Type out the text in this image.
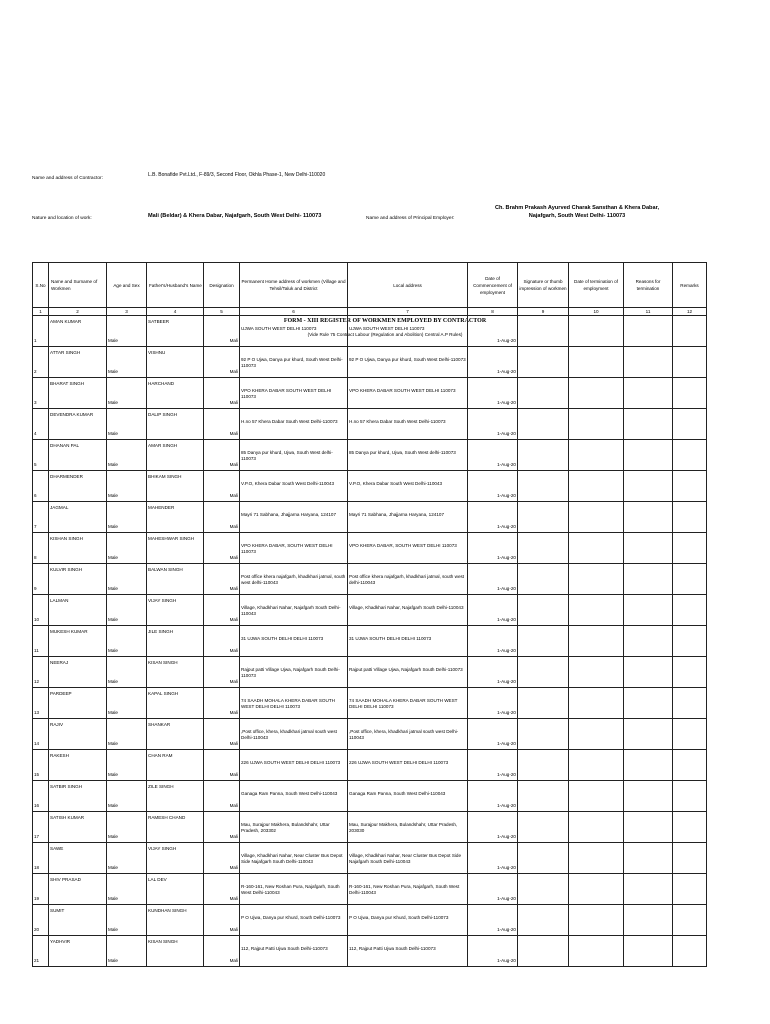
FORM - XIII REGISTER OF WORKMEN EMPLOYED BY CONTRACTOR
(Vide Rule 75 Contract Labour (Regulation and Abolition) Central A.P Rules)
Name and address of Contractor:
L.B. Bonafide Pvt.Ltd., F-89/3, Second Floor, Okhla Phase-1, New Delhi-110020
Nature and location of work:	Mali (Beldar) & Khera Dabar, Najafgarh, South West Delhi- 110073	Name and address of Principal Employer:
Ch. Brahm Prakash Ayurved Charak Sansthan & Khera Dabar,
Najafgarh, South West Delhi- 110073
S.No	Name and Surname of Workmen	Age and Sex	Father's/Husband's Name	Designation	Permanent Home address of workmen (Village and Tehsil/Taluk and District	Local address	Date of Commencement of employment	Signature or thumb impression of workmen	Date of termination of employment	Reasons for termination	Remarks
1	2	3	4	5	6	7	8	9	10	11	12

1	AMAN KUMAR	Male	SATBEER	Mali	UJWA SOUTH WEST DELHI 110073	UJWA SOUTH WEST DELHI 110073	1-Aug-20				

2	ATTAR SINGH	Male	VISHNU	Mali	92 P O Ujwa, Danya pur khurd, South West Delhi-110073	92 P O Ujwa, Danya pur khurd, South West Delhi-110073	1-Aug-20				

3	BHARAT SINGH	Male	HARCHAND	Mali	VPO KHERA DABAR SOUTH WEST DELHI 110073	VPO KHERA DABAR SOUTH WEST DELHI 110073	1-Aug-20				

4	DEVENDRA KUMAR	Male	DALIP SINGH	Mali	H.no 57 Khera Dabar South West Delhi-110073	H.no 57 Khera Dabar South West Delhi-110073	1-Aug-20				

5	DHANAN PAL	Male	AMAR SINGH	Mali	85 Danya pur khurd, Ujwa, South West delhi-110073	85 Danya pur khurd, Ujwa, South West delhi-110073	1-Aug-20				

6	DHARMENDER	Male	BHIKAM SINGH	Mali	V.P.O, Khera Dabar South West Delhi-110043	V.P.O, Khera Dabar South West Delhi-110043	1-Aug-20				

7	JAGMAL	Male	MAHENDER	Mali	Mayri 71 Sabhana, Jhajjarna Haryana, 124107	Mayri 71 Sabhana, Jhajjarna Haryana, 124107	1-Aug-20				

8	KISHAN SINGH	Male	MAHESHWAR SINGH	Mali	VPO KHERA DABAR, SOUTH WEST DELHI 110073	VPO KHERA DABAR, SOUTH WEST DELHI 110073	1-Aug-20				

9	KULVIR SINGH	Male	BALWAN SINGH	Mali	Post office khera najafgarh, khadkhari jatmal, south west delhi-110043	Post office khera najafgarh, khadkhari jatmal, south west delhi-110043	1-Aug-20				

10	LALMAN	Male	VIJAY SINGH	Mali	Village, Khadkhari Nahar, Najafgarh South Delhi-110043	Village, Khadkhari Nahar, Najafgarh South Delhi-110043	1-Aug-20				

11	MUKESH KUMAR	Male	JILE SINGH	Mali	31 UJWA SOUTH DELHI DELHI 110073	31 UJWA SOUTH DELHI DELHI 110073	1-Aug-20				

12	NEERAJ	Male	KISAN SINGH	Mali	Rajput patti Village Ujwa, Najafgarh South Delhi-110073	Rajput patti Village Ujwa, Najafgarh South Delhi-110073	1-Aug-20				

13	PARDEEP	Male	KAPAL SINGH	Mali	74 SAADH MOHALA KHERA DABAR SOUTH WEST DELHI DELHI 110073	74 SAADH MOHALA KHERA DABAR SOUTH WEST DELHI DELHI 110073	1-Aug-20				

14	RAJIV	Male	SHANKAR	Mali	,Post office, khera, khadkhari jatmal south west Delhi-110043	,Post office, khera, khadkhari jatmal south west Delhi-110043	1-Aug-20				

15	RAKESH	Male	CHAN RAM	Mali	226 UJWA SOUTH WEST DELHI DELHI 110073	226 UJWA SOUTH WEST DELHI DELHI 110073	1-Aug-20				

16	SATBIR SINGH	Male	ZILE SINGH	Mali	Ganaga Ram Panna, South West Delhi-110043	Ganaga Ram Panna, South West Delhi-110043	1-Aug-20				

17	SATISH KUMAR	Male	RAMESH CHAND	Mali	Mau, Surajpur Makhera, Bulandshahr, Uttar Pradesh, 203302	Mau, Surajpur Makhera, Bulandshahr, Uttar Pradesh, 203030	1-Aug-20				

18	SAWE	Male	VIJAY SINGH	Mali	Village, Khadkhari Nahar, Near Cluster Bus Depot Side Najafgarh South Delhi-110043	Village, Khadkhari Nahar, Near Cluster Bus Depot Side Najafgarh South Delhi-110043	1-Aug-20				

19	SHIV PRASAD	Male	LAL DEV	Mali	R-160-161, New Roshan Pura, Najafgarh, South West Delhi-110043	R-160-161, New Roshan Pura, Najafgarh, South West Delhi-110043	1-Aug-20				

20	SUMIT	Male	KUNDHAN SINGH	Mali	P O Ujwa, Danya pur Khurd, South Delhi-110073	P O Ujwa, Danya pur Khurd, South Delhi-110073	1-Aug-20				

21	YADHVIR	Male	KISAN SINGH	Mali	112, Rajput Patti Ujwa South Delhi-110073	112, Rajput Patti Ujwa South Delhi-110073	1-Aug-20				
